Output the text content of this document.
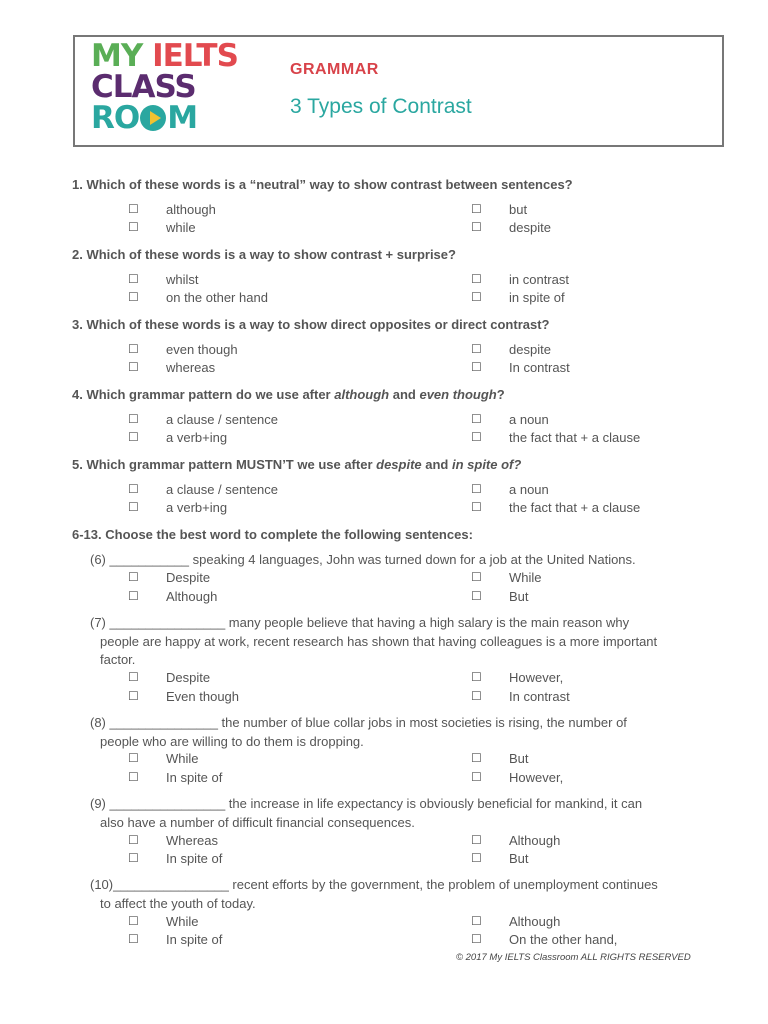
MY IELTS
CLASS
RO M
GRAMMAR
3 Types of Contrast
1. Which of these words is a “neutral” way to show contrast between sentences?
☐ although
☐ while
☐ but
☐ despite
2. Which of these words is a way to show contrast + surprise?
☐ whilst
☐ on the other hand
☐ in contrast
☐ in spite of
3. Which of these words is a way to show direct opposites or direct contrast?
☐ even though
☐ whereas
☐ despite
☐ In contrast
4. Which grammar pattern do we use after although and even though?
☐ a clause / sentence
☐ a verb+ing
☐ a noun
☐ the fact that + a clause
5. Which grammar pattern MUSTN’T we use after despite and in spite of?
☐ a clause / sentence
☐ a verb+ing
☐ a noun
☐ the fact that + a clause
6-13. Choose the best word to complete the following sentences:
(6) ___________ speaking 4 languages, John was turned down for a job at the United Nations.
☐ Despite
☐ Although
☐ While
☐ But
(7) ________________ many people believe that having a high salary is the main reason why
people are happy at work, recent research has shown that having colleagues is a more important
factor.
☐ Despite
☐ Even though
☐ However,
☐ In contrast
(8) _______________ the number of blue collar jobs in most societies is rising, the number of
people who are willing to do them is dropping.
☐ While
☐ In spite of
☐ But
☐ However,
(9) ________________ the increase in life expectancy is obviously beneficial for mankind, it can
also have a number of difficult financial consequences.
☐ Whereas
☐ In spite of
☐ Although
☐ But
(10)________________ recent efforts by the government, the problem of unemployment continues
to affect the youth of today.
☐ While
☐ In spite of
☐ Although
☐ On the other hand,
© 2017 My IELTS Classroom ALL RIGHTS RESERVED
